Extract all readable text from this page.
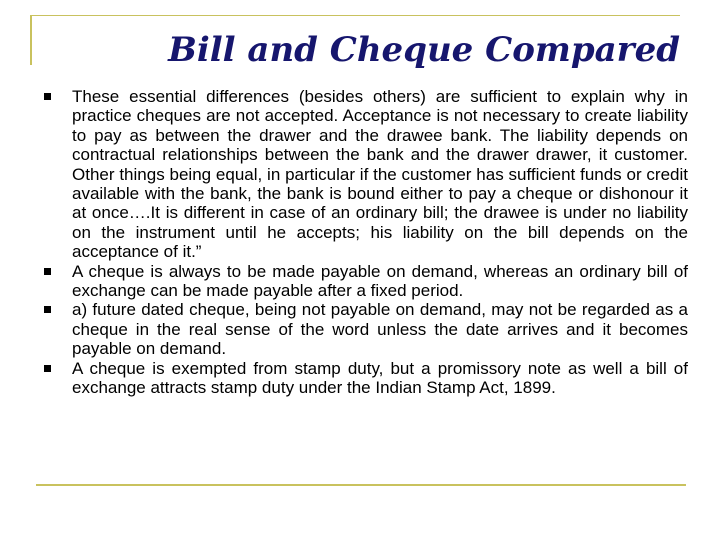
Bill and Cheque Compared
These essential differences (besides others) are sufficient to explain why in practice cheques are not accepted. Acceptance is not necessary to create liability to pay as between the drawer and the drawee bank. The liability depends on contractual relationships between the bank and the drawer drawer, it customer. Other things being equal, in particular if the customer has sufficient funds or credit available with the bank, the bank is bound either to pay a cheque or dishonour it at once….It is different in case of an ordinary bill; the drawee is under no liability on the instrument until he accepts; his liability on the bill depends on the acceptance of it.”
A cheque is always to be made payable on demand, whereas an ordinary bill of exchange can be made payable after a fixed period.
a) future dated cheque, being not payable on demand, may not be regarded as a cheque in the real sense of the word unless the date arrives and it becomes payable on demand.
A cheque is exempted from stamp duty, but a promissory note as well a bill of exchange attracts stamp duty under the Indian Stamp Act, 1899.
